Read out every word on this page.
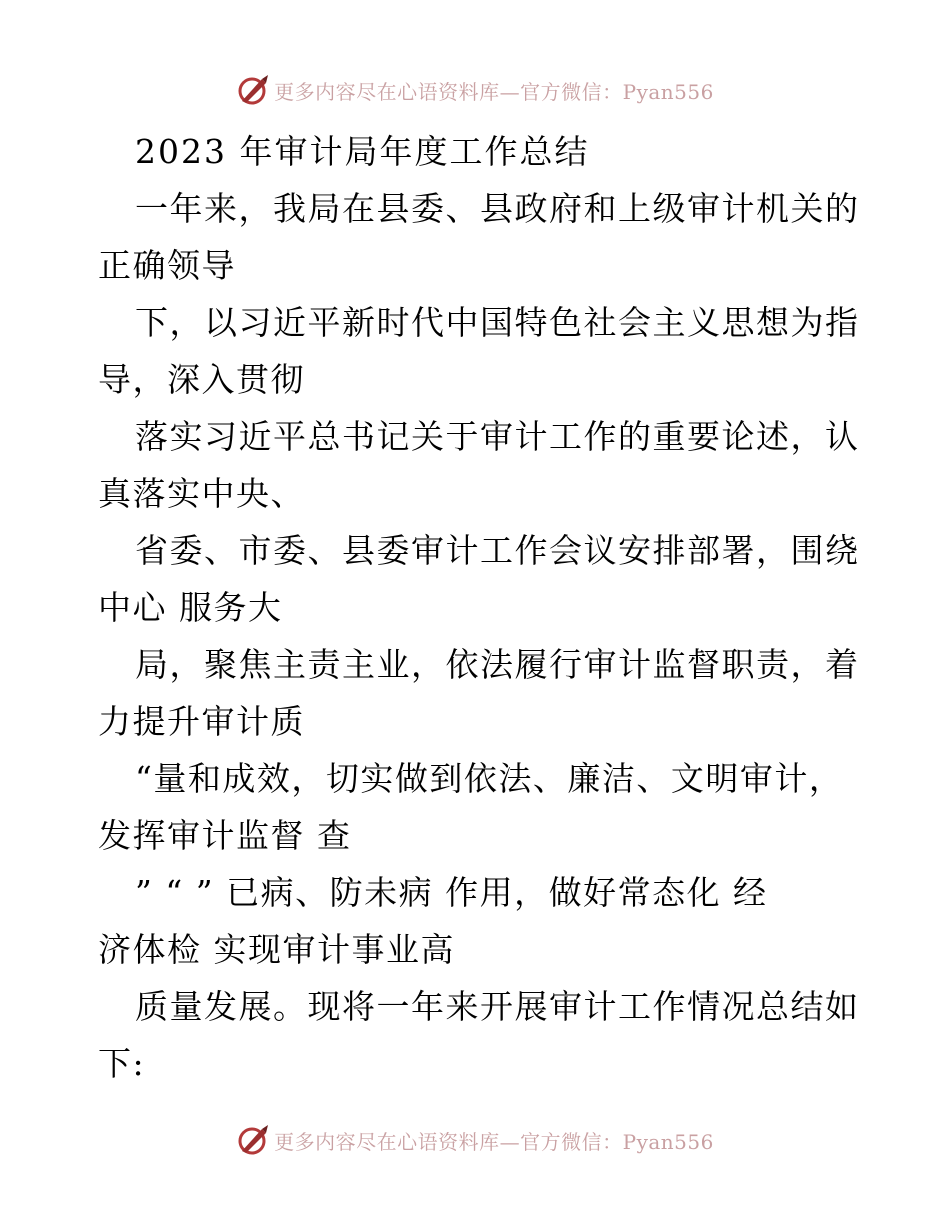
更多内容尽在心语资料库—官方微信：Pyan556
2023 年审计局年度工作总结
一年来，我局在县委、县政府和上级审计机关的
正确领导
下，以习近平新时代中国特色社会主义思想为指
导，深入贯彻
落实习近平总书记关于审计工作的重要论述，认
真落实中央、
省委、市委、县委审计工作会议安排部署，围绕
中心 服务大
局，聚焦主责主业，依法履行审计监督职责，着
力提升审计质
“量和成效，切实做到依法、廉洁、文明审计，
发挥审计监督 查
” “ ” 已病、防未病 作用，做好常态化 经
济体检 实现审计事业高
质量发展。现将一年来开展审计工作情况总结如
下:
更多内容尽在心语资料库—官方微信：Pyan556
